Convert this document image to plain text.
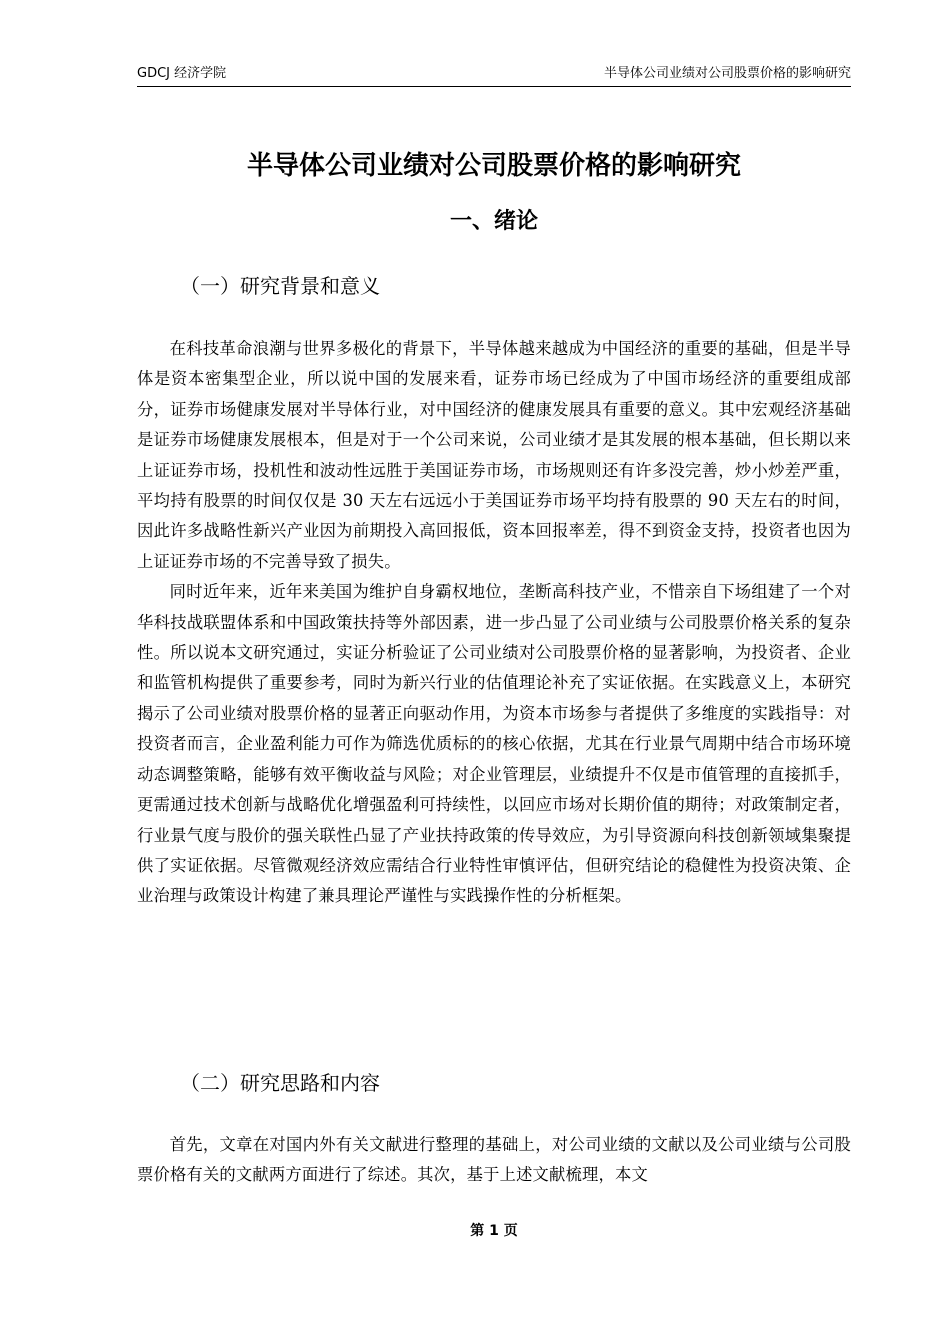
GDCJ 经济学院	半导体公司业绩对公司股票价格的影响研究
半导体公司业绩对公司股票价格的影响研究
一、绪论
（一）研究背景和意义

在科技革命浪潮与世界多极化的背景下，半导体越来越成为中国经济的重要的基础，但是半导体是资本密集型企业，所以说中国的发展来看，证券市场已经成为了中国市场经济的重要组成部分，证券市场健康发展对半导体行业，对中国经济的健康发展具有重要的意义。其中宏观经济基础是证券市场健康发展根本，但是对于一个公司来说，公司业绩才是其发展的根本基础，但长期以来上证证券市场，投机性和波动性远胜于美国证券市场，市场规则还有许多没完善，炒小炒差严重，平均持有股票的时间仅仅是 30 天左右远远小于美国证券市场平均持有股票的 90 天左右的时间，因此许多战略性新兴产业因为前期投入高回报低，资本回报率差，得不到资金支持，投资者也因为上证证券市场的不完善导致了损失。

同时近年来，近年来美国为维护自身霸权地位，垄断高科技产业，不惜亲自下场组建了一个对华科技战联盟体系和中国政策扶持等外部因素，进一步凸显了公司业绩与公司股票价格关系的复杂性。所以说本文研究通过，实证分析验证了公司业绩对公司股票价格的显著影响，为投资者、企业和监管机构提供了重要参考，同时为新兴行业的估值理论补充了实证依据。在实践意义上，本研究揭示了公司业绩对股票价格的显著正向驱动作用，为资本市场参与者提供了多维度的实践指导：对投资者而言，企业盈利能力可作为筛选优质标的的核心依据，尤其在行业景气周期中结合市场环境动态调整策略，能够有效平衡收益与风险；对企业管理层，业绩提升不仅是市值管理的直接抓手，更需通过技术创新与战略优化增强盈利可持续性，以回应市场对长期价值的期待；对政策制定者，行业景气度与股价的强关联性凸显了产业扶持政策的传导效应，为引导资源向科技创新领域集聚提供了实证依据。尽管微观经济效应需结合行业特性审慎评估，但研究结论的稳健性为投资决策、企业治理与政策设计构建了兼具理论严谨性与实践操作性的分析框架。

（二）研究思路和内容

首先，文章在对国内外有关文献进行整理的基础上，对公司业绩的文献以及公司业绩与公司股票价格有关的文献两方面进行了综述。其次，基于上述文献梳理，本文

第 1 页
